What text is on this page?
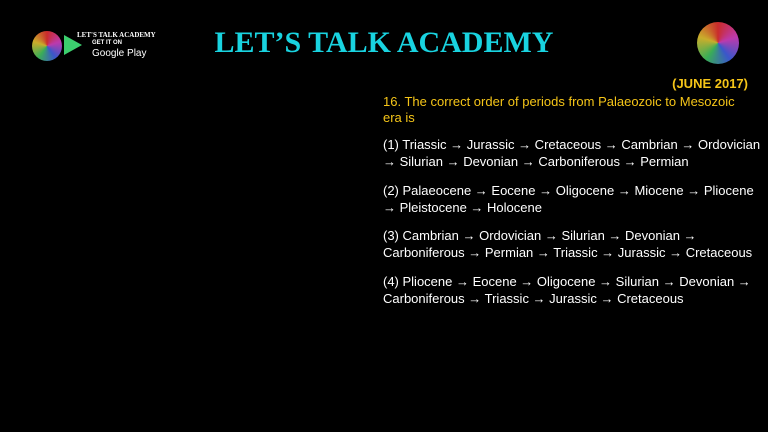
LET'S TALK ACADEMY
GET IT ON
Google Play	LET’S TALK ACADEMY
(JUNE 2017)
16. The correct order of periods from Palaeozoic to Mesozoic era is
(1) Triassic → Jurassic → Cretaceous → Cambrian → Ordovician → Silurian → Devonian → Carboniferous → Permian
(2) Palaeocene → Eocene → Oligocene → Miocene → Pliocene → Pleistocene → Holocene
(3) Cambrian → Ordovician → Silurian → Devonian → Carboniferous → Permian → Triassic → Jurassic → Cretaceous
(4) Pliocene → Eocene → Oligocene → Silurian → Devonian → Carboniferous → Triassic → Jurassic → Cretaceous
